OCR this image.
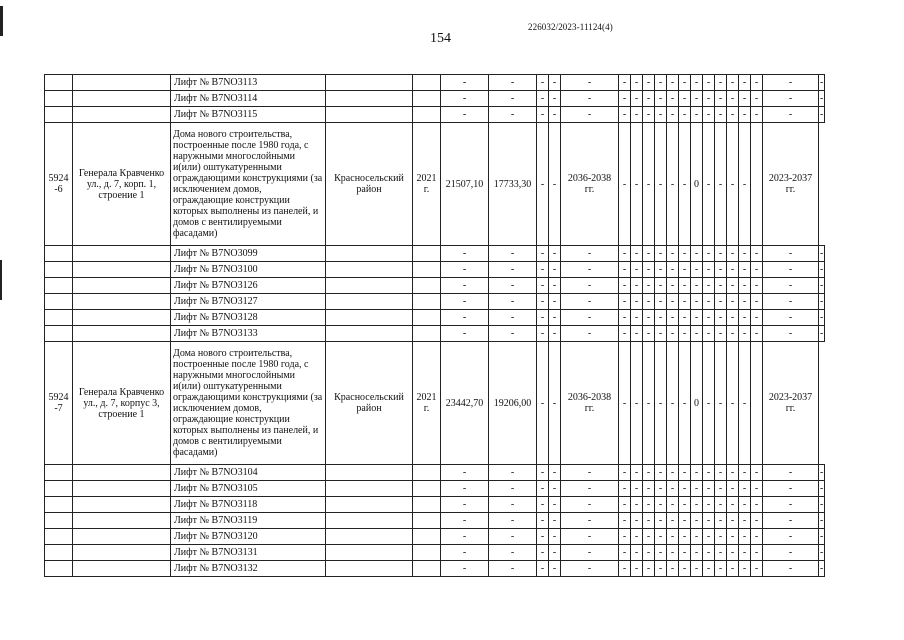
226032/2023-11124(4)
154
		Лифт № В7NO3113			-	-	-	-	-	-	-	-	-	-	-	-	-	-	-	-	-	-	-
		Лифт № В7NO3114			-	-	-	-	-	-	-	-	-	-	-	-	-	-	-	-	-	-	-
		Лифт № В7NO3115			-	-	-	-	-	-	-	-	-	-	-	-	-	-	-	-	-	-	-
5924 -6	Генерала Кравченко ул., д. 7, корп. 1, строение 1	Дома нового строительства, построенные после 1980 года, с наружными многослойными и(или) оштукатуренными ограждающими конструкциями (за исключением домов, ограждающие конструкции которых выполнены из панелей, и домов с вентилируемыми фасадами)	Красносельский район	2021 г.	21507,10	17733,30	-	-	2036-2038 гг.	-	-	-	-	-	-	0	-	-	-	-		2023-2037 гг.	
		Лифт № В7NO3099			-	-	-	-	-	-	-	-	-	-	-	-	-	-	-	-	-	-	-
		Лифт № В7NO3100			-	-	-	-	-	-	-	-	-	-	-	-	-	-	-	-	-	-	-
		Лифт № В7NO3126			-	-	-	-	-	-	-	-	-	-	-	-	-	-	-	-	-	-	-
		Лифт № В7NO3127			-	-	-	-	-	-	-	-	-	-	-	-	-	-	-	-	-	-	-
		Лифт № В7NO3128			-	-	-	-	-	-	-	-	-	-	-	-	-	-	-	-	-	-	-
		Лифт № В7NO3133			-	-	-	-	-	-	-	-	-	-	-	-	-	-	-	-	-	-	-
5924 -7	Генерала Кравченко ул., д. 7, корпус 3, строение 1	Дома нового строительства, построенные после 1980 года, с наружными многослойными и(или) оштукатуренными ограждающими конструкциями (за исключением домов, ограждающие конструкции которых выполнены из панелей, и домов с вентилируемыми фасадами)	Красносельский район	2021 г.	23442,70	19206,00	-	-	2036-2038 гг.	-	-	-	-	-	-	0	-	-	-	-		2023-2037 гг.	
		Лифт № В7NO3104			-	-	-	-	-	-	-	-	-	-	-	-	-	-	-	-	-	-	-
		Лифт № В7NO3105			-	-	-	-	-	-	-	-	-	-	-	-	-	-	-	-	-	-	-
		Лифт № В7NO3118			-	-	-	-	-	-	-	-	-	-	-	-	-	-	-	-	-	-	-
		Лифт № В7NO3119			-	-	-	-	-	-	-	-	-	-	-	-	-	-	-	-	-	-	-
		Лифт № В7NO3120			-	-	-	-	-	-	-	-	-	-	-	-	-	-	-	-	-	-	-
		Лифт № В7NO3131			-	-	-	-	-	-	-	-	-	-	-	-	-	-	-	-	-	-	-
		Лифт № В7NO3132			-	-	-	-	-	-	-	-	-	-	-	-	-	-	-	-	-	-	-
